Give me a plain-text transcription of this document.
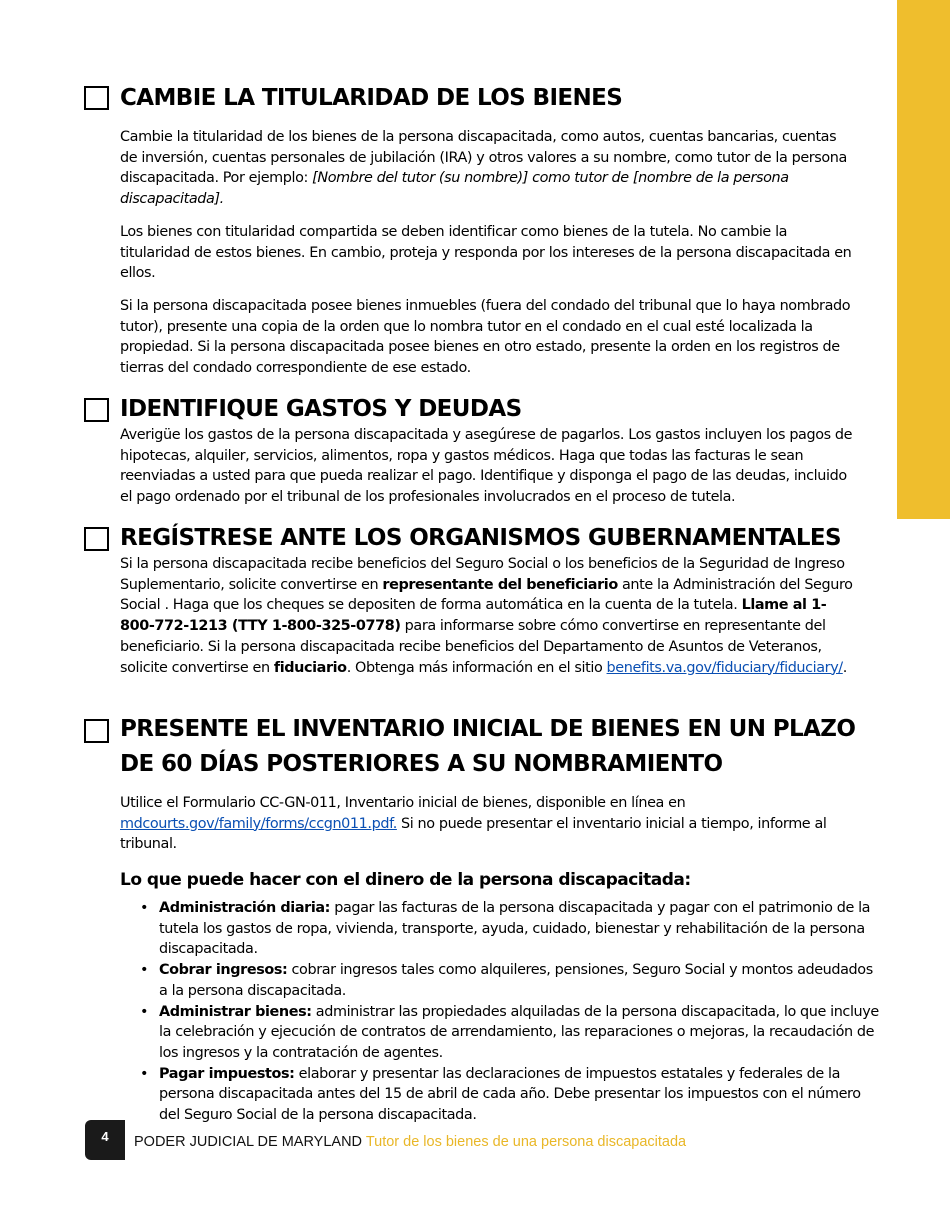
CAMBIE LA TITULARIDAD DE LOS BIENES

Cambie la titularidad de los bienes de la persona discapacitada, como autos, cuentas bancarias, cuentas de inversión, cuentas personales de jubilación (IRA) y otros valores a su nombre, como tutor de la persona discapacitada. Por ejemplo: [Nombre del tutor (su nombre)] como tutor de [nombre de la persona discapacitada].

Los bienes con titularidad compartida se deben identificar como bienes de la tutela. No cambie la titularidad de estos bienes. En cambio, proteja y responda por los intereses de la persona discapacitada en ellos.

Si la persona discapacitada posee bienes inmuebles (fuera del condado del tribunal que lo haya nombrado tutor), presente una copia de la orden que lo nombra tutor en el condado en el cual esté localizada la propiedad. Si la persona discapacitada posee bienes en otro estado, presente la orden en los registros de tierras del condado correspondiente de ese estado.

IDENTIFIQUE GASTOS Y DEUDAS

Averigüe los gastos de la persona discapacitada y asegúrese de pagarlos. Los gastos incluyen los pagos de hipotecas, alquiler, servicios, alimentos, ropa y gastos médicos. Haga que todas las facturas le sean reenviadas a usted para que pueda realizar el pago. Identifique y disponga el pago de las deudas, incluido el pago ordenado por el tribunal de los profesionales involucrados en el proceso de tutela.

REGÍSTRESE ANTE LOS ORGANISMOS GUBERNAMENTALES

Si la persona discapacitada recibe beneficios del Seguro Social o los beneficios de la Seguridad de Ingreso Suplementario, solicite convertirse en representante del beneficiario ante la Administración del Seguro Social . Haga que los cheques se depositen de forma automática en la cuenta de la tutela. Llame al 1-800-772-1213 (TTY 1-800-325-0778) para informarse sobre cómo convertirse en representante del beneficiario. Si la persona discapacitada recibe beneficios del Departamento de Asuntos de Veteranos, solicite convertirse en fiduciario. Obtenga más información en el sitio benefits.va.gov/fiduciary/fiduciary/.

PRESENTE EL INVENTARIO INICIAL DE BIENES EN UN PLAZO
DE 60 DÍAS POSTERIORES A SU NOMBRAMIENTO

Utilice el Formulario CC-GN-011, Inventario inicial de bienes, disponible en línea en mdcourts.gov/family/forms/ccgn011.pdf. Si no puede presentar el inventario inicial a tiempo, informe al tribunal.

Lo que puede hacer con el dinero de la persona discapacitada:
• Administración diaria: pagar las facturas de la persona discapacitada y pagar con el patrimonio de la tutela los gastos de ropa, vivienda, transporte, ayuda, cuidado, bienestar y rehabilitación de la persona discapacitada.
• Cobrar ingresos: cobrar ingresos tales como alquileres, pensiones, Seguro Social y montos adeudados a la persona discapacitada.
• Administrar bienes: administrar las propiedades alquiladas de la persona discapacitada, lo que incluye la celebración y ejecución de contratos de arrendamiento, las reparaciones o mejoras, la recaudación de los ingresos y la contratación de agentes.
• Pagar impuestos: elaborar y presentar las declaraciones de impuestos estatales y federales de la persona discapacitada antes del 15 de abril de cada año. Debe presentar los impuestos con el número del Seguro Social de la persona discapacitada.
4	PODER JUDICIAL DE MARYLAND Tutor de los bienes de una persona discapacitada
